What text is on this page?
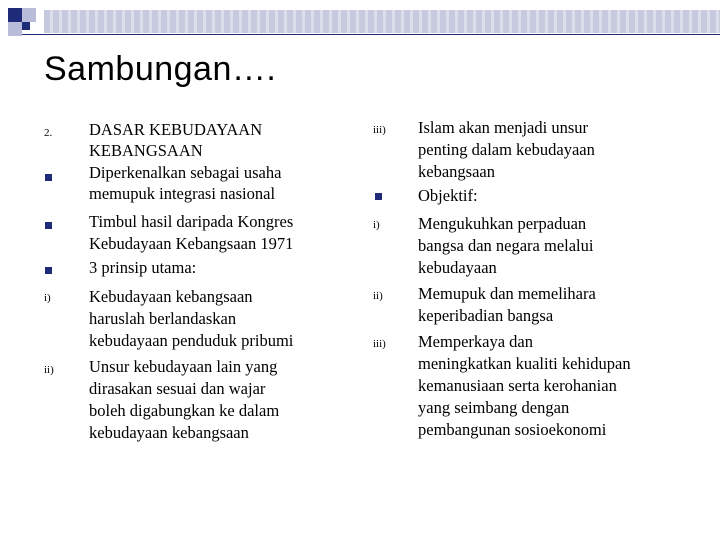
Sambungan….
2.
i)
ii)
DASAR KEBUDAYAAN
KEBANGSAAN
Diperkenalkan sebagai usaha
memupuk integrasi nasional
Timbul hasil daripada Kongres
Kebudayaan Kebangsaan 1971
3 prinsip utama:
Kebudayaan kebangsaan
haruslah berlandaskan
kebudayaan penduduk pribumi
Unsur kebudayaan lain yang
dirasakan sesuai dan wajar
boleh digabungkan ke dalam
kebudayaan kebangsaan
iii)
i)
ii)
iii)
Islam akan menjadi unsur
penting dalam kebudayaan
kebangsaan
Objektif:
Mengukuhkan perpaduan
bangsa dan negara melalui
kebudayaan
Memupuk dan memelihara
keperibadian bangsa
Memperkaya dan
meningkatkan kualiti kehidupan
kemanusiaan serta kerohanian
yang seimbang dengan
pembangunan sosioekonomi
